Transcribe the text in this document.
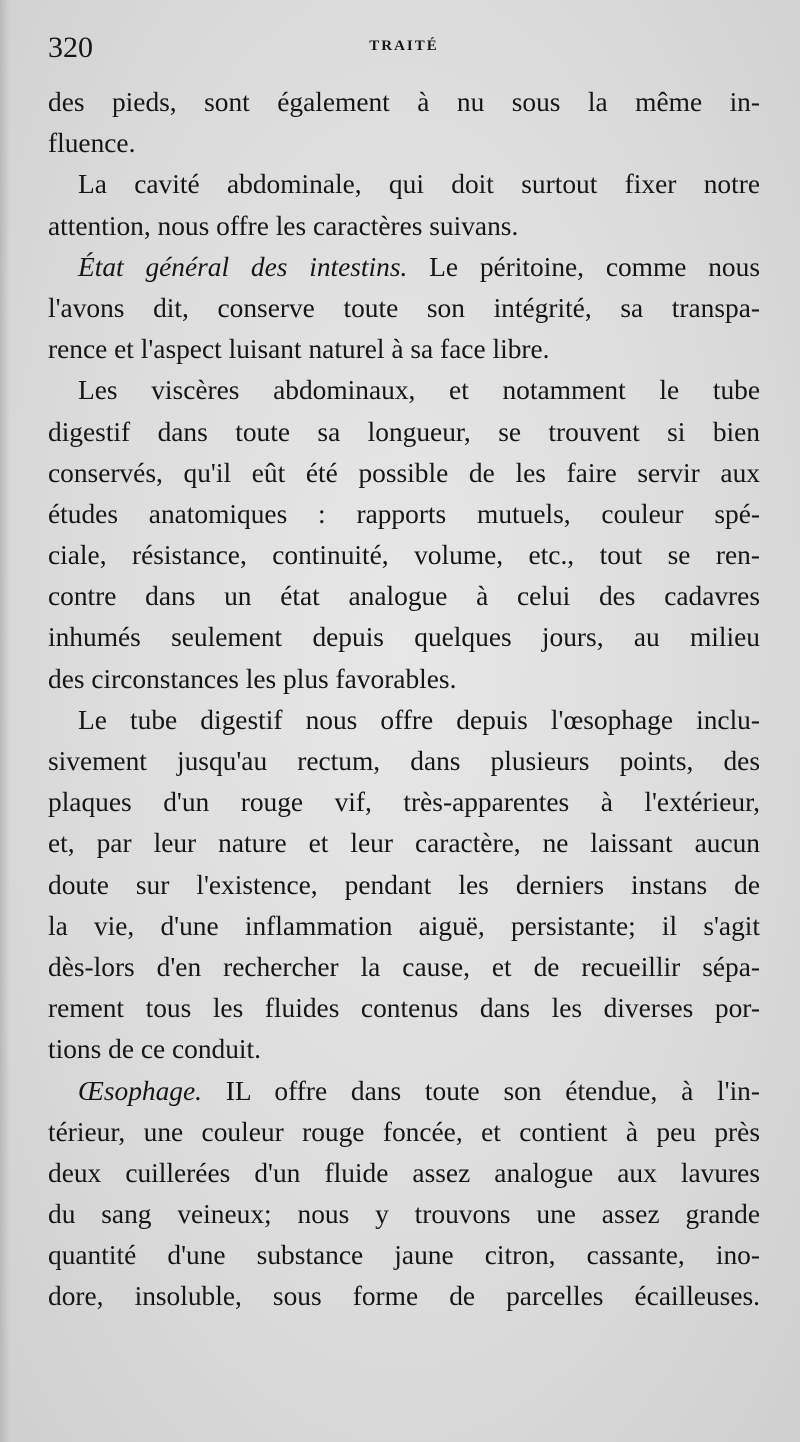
320	TRAITÉ
des pieds, sont également à nu sous la même in-
fluence.
La cavité abdominale, qui doit surtout fixer notre
attention, nous offre les caractères suivans.
État général des intestins. Le péritoine, comme nous
l'avons dit, conserve toute son intégrité, sa transpa-
rence et l'aspect luisant naturel à sa face libre.
Les viscères abdominaux, et notamment le tube
digestif dans toute sa longueur, se trouvent si bien
conservés, qu'il eût été possible de les faire servir aux
études anatomiques : rapports mutuels, couleur spé-
ciale, résistance, continuité, volume, etc., tout se ren-
contre dans un état analogue à celui des cadavres
inhumés seulement depuis quelques jours, au milieu
des circonstances les plus favorables.
Le tube digestif nous offre depuis l'œsophage inclu-
sivement jusqu'au rectum, dans plusieurs points, des
plaques d'un rouge vif, très-apparentes à l'extérieur,
et, par leur nature et leur caractère, ne laissant aucun
doute sur l'existence, pendant les derniers instans de
la vie, d'une inflammation aiguë, persistante; il s'agit
dès-lors d'en rechercher la cause, et de recueillir sépa-
rement tous les fluides contenus dans les diverses por-
tions de ce conduit.
Œsophage. IL offre dans toute son étendue, à l'in-
térieur, une couleur rouge foncée, et contient à peu près
deux cuillerées d'un fluide assez analogue aux lavures
du sang veineux; nous y trouvons une assez grande
quantité d'une substance jaune citron, cassante, ino-
dore, insoluble, sous forme de parcelles écailleuses.
